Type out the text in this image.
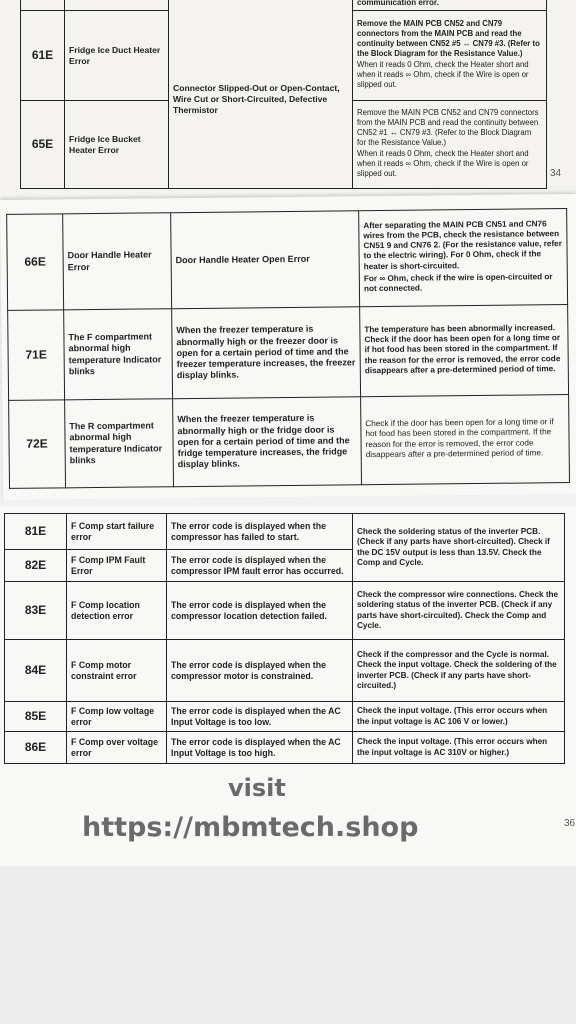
			communication error.
61E	Fridge Ice Duct Heater Error	Connector Slipped-Out or Open-Contact, Wire Cut or Short-Circuited, Defective Thermistor	Remove the MAIN PCB CN52 and CN79 connectors from the MAIN PCB and read the continuity between CN52 #5 ↔ CN79 #3. (Refer to the Block Diagram for the Resistance Value.)
When it reads 0 Ohm, check the Heater short and when it reads ∞ Ohm, check if the Wire is open or slipped out.

65E	Fridge Ice Bucket Heater Error		Remove the MAIN PCB CN52 and CN79 connectors from the MAIN PCB and read the continuity between CN52 #1 ↔ CN79 #3. (Refer to the Block Diagram for the Resistance Value.)
When it reads 0 Ohm, check the Heater short and when it reads ∞ Ohm, check if the Wire is open or slipped out.	34
66E	Door Handle Heater Error	Door Handle Heater Open Error	After separating the MAIN PCB CN51 and CN76 wires from the PCB, check the resistance between CN51 9 and CN76 2. (For the resistance value, refer to the electric wiring). For 0 Ohm, check if the heater is short-circuited.
For ∞ Ohm, check if the wire is open-circuited or not connected.

71E	The F compartment abnormal high temperature Indicator blinks	When the freezer temperature is abnormally high or the freezer door is open for a certain period of time and the freezer temperature increases, the freezer display blinks.	The temperature has been abnormally increased. Check if the door has been open for a long time or if hot food has been stored in the compartment. If the reason for the error is removed, the error code disappears after a pre-determined period of time.

72E	The R compartment abnormal high temperature Indicator blinks	When the freezer temperature is abnormally high or the fridge door is open for a certain period of time and the fridge temperature increases, the fridge display blinks.	Check if the door has been open for a long time or if hot food has been stored in the compartment. If the reason for the error is removed, the error code disappears after a pre-determined period of time.
81E	F Comp start failure error	The error code is displayed when the compressor has failed to start.	Check the soldering status of the inverter PCB. (Check if any parts have short-circuited). Check if the DC 15V output is less than 13.5V. Check the Comp and Cycle.
82E	F Comp IPM Fault Error	The error code is displayed when the compressor IPM fault error has occurred.	
83E	F Comp location detection error	The error code is displayed when the compressor location detection failed.	Check the compressor wire connections. Check the soldering status of the inverter PCB. (Check if any parts have short-circuited). Check the Comp and Cycle.
84E	F Comp motor constraint error	The error code is displayed when the compressor motor is constrained.	Check if the compressor and the Cycle is normal. Check the input voltage. Check the soldering of the inverter PCB. (Check if any parts have short-circuited.)
85E	F Comp low voltage error	The error code is displayed when the AC Input Voltage is too low.	Check the input voltage. (This error occurs when the input voltage is AC 106 V or lower.)
86E	F Comp over voltage error	The error code is displayed when the AC Input Voltage is too high.	Check the input voltage. (This error occurs when the input voltage is AC 310V or higher.)
visit
https://mbmtech.shop	36
